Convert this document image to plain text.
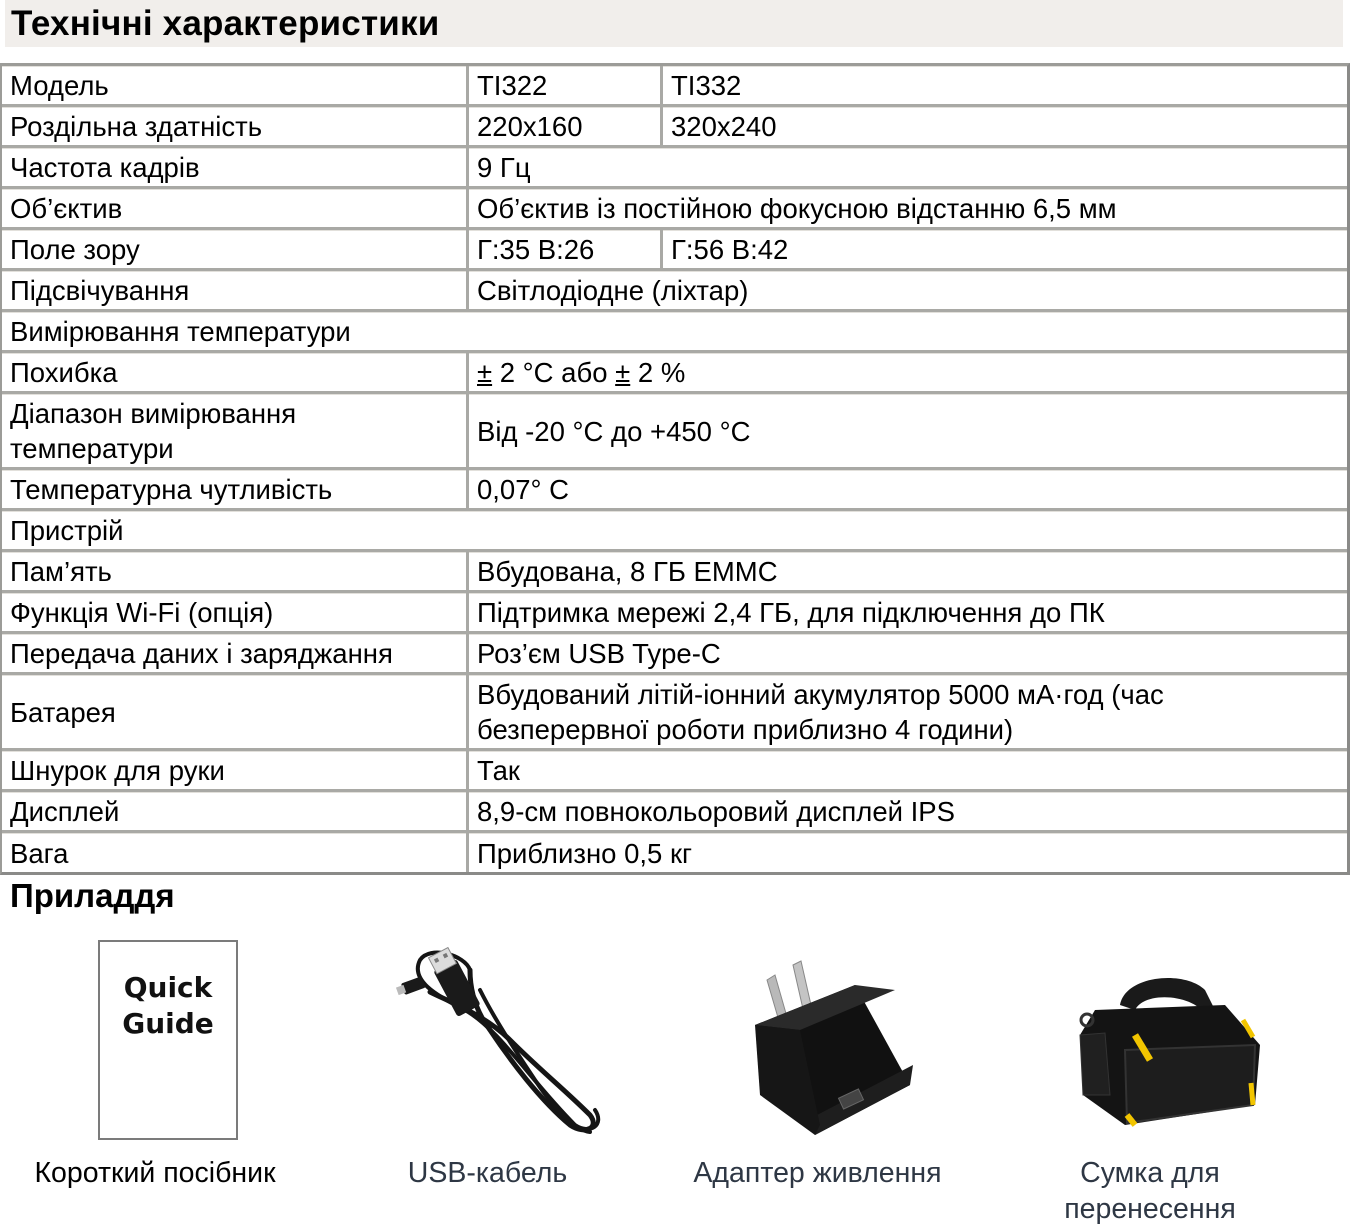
Технічні характеристики
Модель	TI322	TI332
Роздільна здатність	220x160	320x240
Частота кадрів	9 Гц	
Об’єктив	Об’єктив із постійною фокусною відстанню 6,5 мм	
Поле зору	Г:35 В:26	Г:56 В:42
Підсвічування	Світлодіодне (ліхтар)	
Вимірювання температури		
Похибка	± 2 °C або ± 2 %	
Діапазон вимірювання температури	Від -20 °C до +450 °C	
Температурна чутливість	0,07° C	
Пристрій		
Пам’ять	Вбудована, 8 ГБ EMMC	
Функція Wi-Fi (опція)	Підтримка мережі 2,4 ГБ, для підключення до ПК	
Передача даних і заряджання	Роз’єм USB Type-C	
Батарея	Вбудований літій-іонний акумулятор 5000 мА·год (час безперервної роботи приблизно 4 години)	
Шнурок для руки	Так	
Дисплей	8,9-см повнокольоровий дисплей IPS	
Вага	Приблизно 0,5 кг	
Приладдя
Quick
Guide
Короткий посібник	USB-кабель	Адаптер живлення	Сумка для
перенесення
